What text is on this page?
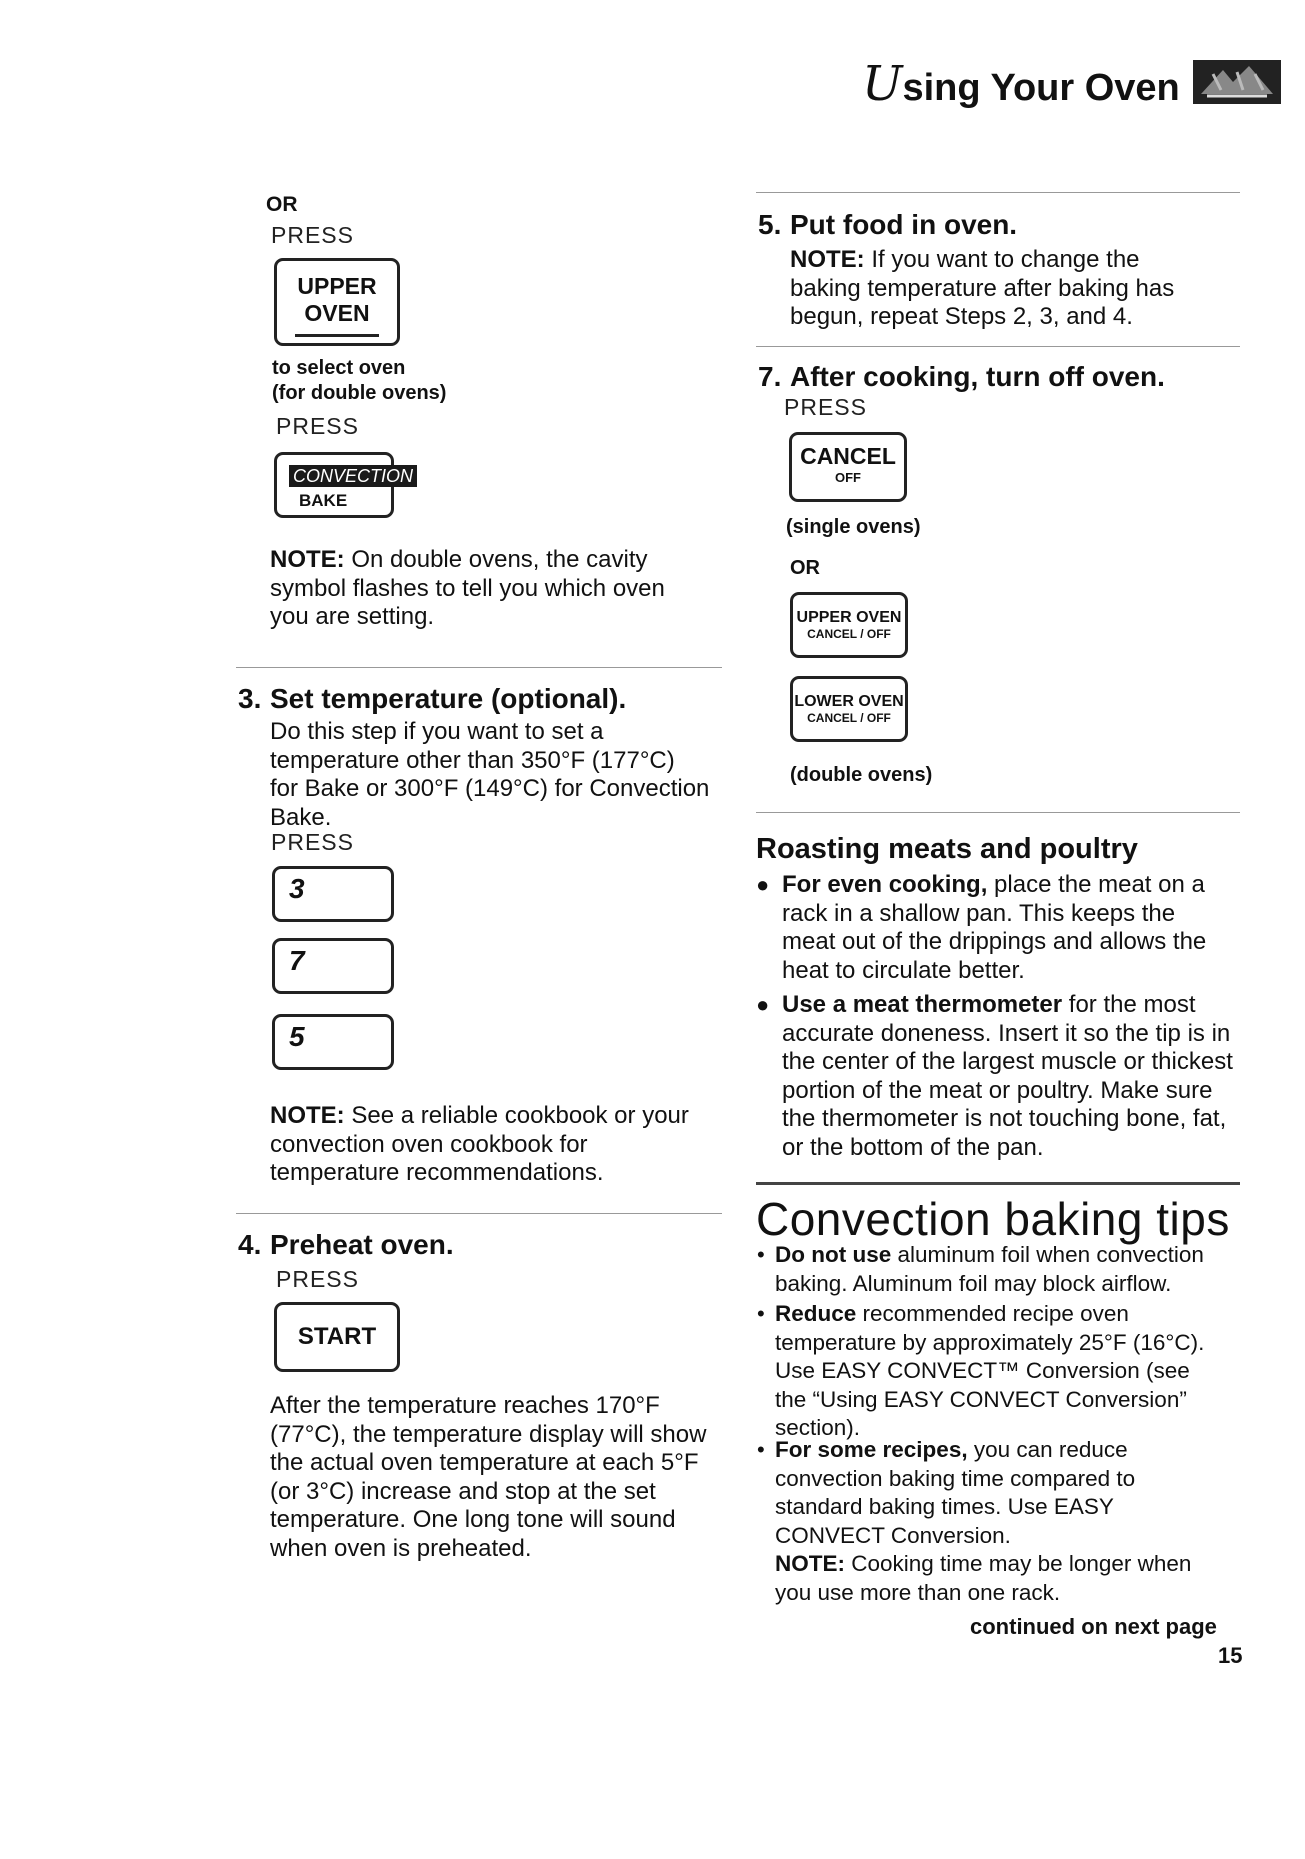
Using Your Oven
OR
PRESS
UPPER
OVEN
to select oven
(for double ovens)
PRESS
CONVECTION
BAKE
NOTE: On double ovens, the cavity
symbol flashes to tell you which oven
you are setting.
3. Set temperature (optional).
Do this step if you want to set a
temperature other than 350°F (177°C)
for Bake or 300°F (149°C) for Convection
Bake.
PRESS
3
7
5
NOTE: See a reliable cookbook or your
convection oven cookbook for
temperature recommendations.
4. Preheat oven.
PRESS
START
After the temperature reaches 170°F
(77°C), the temperature display will show
the actual oven temperature at each 5°F
(or 3°C) increase and stop at the set
temperature. One long tone will sound
when oven is preheated.
5. Put food in oven.
NOTE: If you want to change the
baking temperature after baking has
begun, repeat Steps 2, 3, and 4.
7. After cooking, turn off oven.
PRESS
CANCEL
OFF
(single ovens)
OR
UPPER OVEN
CANCEL / OFF
LOWER OVEN
CANCEL / OFF
(double ovens)
Roasting meats and poultry
● For even cooking, place the meat on a
rack in a shallow pan. This keeps the
meat out of the drippings and allows the
heat to circulate better.
● Use a meat thermometer for the most
accurate doneness. Insert it so the tip is in
the center of the largest muscle or thickest
portion of the meat or poultry. Make sure
the thermometer is not touching bone, fat,
or the bottom of the pan.
Convection baking tips
• Do not use aluminum foil when convection
baking. Aluminum foil may block airflow.
• Reduce recommended recipe oven
temperature by approximately 25°F (16°C).
Use EASY CONVECT™ Conversion (see
the “Using EASY CONVECT Conversion”
section).
• For some recipes, you can reduce
convection baking time compared to
standard baking times. Use EASY
CONVECT Conversion.
NOTE: Cooking time may be longer when
you use more than one rack.
continued on next page
15
